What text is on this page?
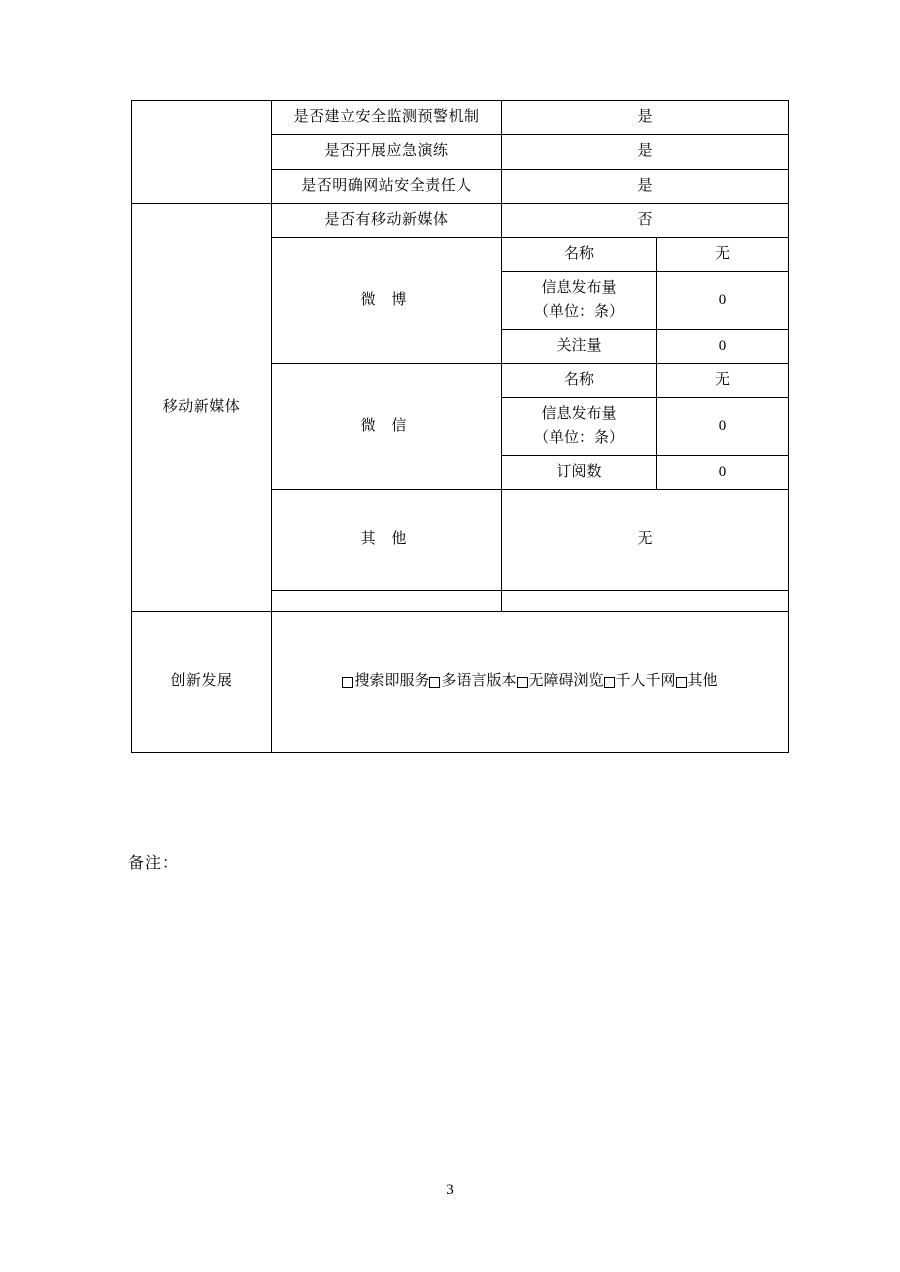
	是否建立安全监测预警机制	是	
	是否开展应急演练	是	
	是否明确网站安全责任人	是	
移动新媒体	是否有移动新媒体	否	
	微 博	名称	无

		信息发布量
（单位：条）	0
		关注量	0
	微 信	名称	无

		信息发布量
（单位：条）	0
		订阅数	0
	其 他	无	

创新发展	搜索即服务 多语言版本 无障碍浏览 千人千网 其他		
备注：
3
